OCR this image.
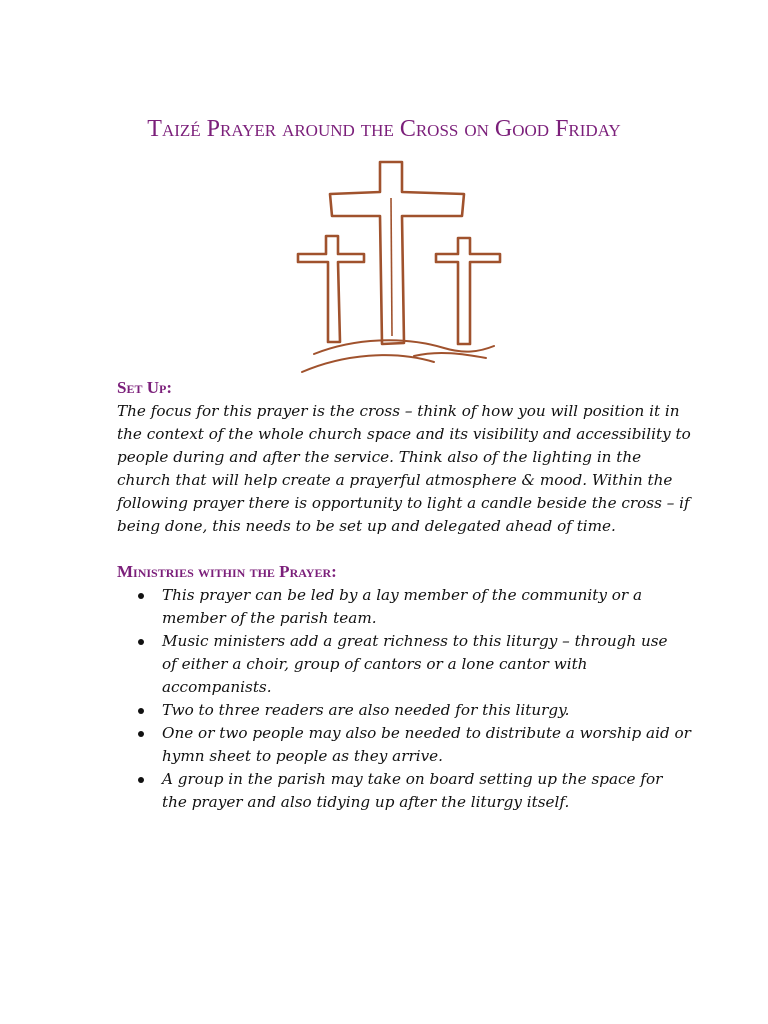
Taizé Prayer around the Cross on Good Friday
Set Up:

The focus for this prayer is the cross – think of how you will position it in
the context of the whole church space and its visibility and accessibility to
people during and after the service. Think also of the lighting in the
church that will help create a prayerful atmosphere & mood. Within the
following prayer there is opportunity to light a candle beside the cross – if
being done, this needs to be set up and delegated ahead of time.

Ministries within the Prayer:
This prayer can be led by a lay member of the community or a
member of the parish team.
Music ministers add a great richness to this liturgy – through use
of either a choir, group of cantors or a lone cantor with
accompanists.
Two to three readers are also needed for this liturgy.
One or two people may also be needed to distribute a worship aid or
hymn sheet to people as they arrive.
A group in the parish may take on board setting up the space for
the prayer and also tidying up after the liturgy itself.
